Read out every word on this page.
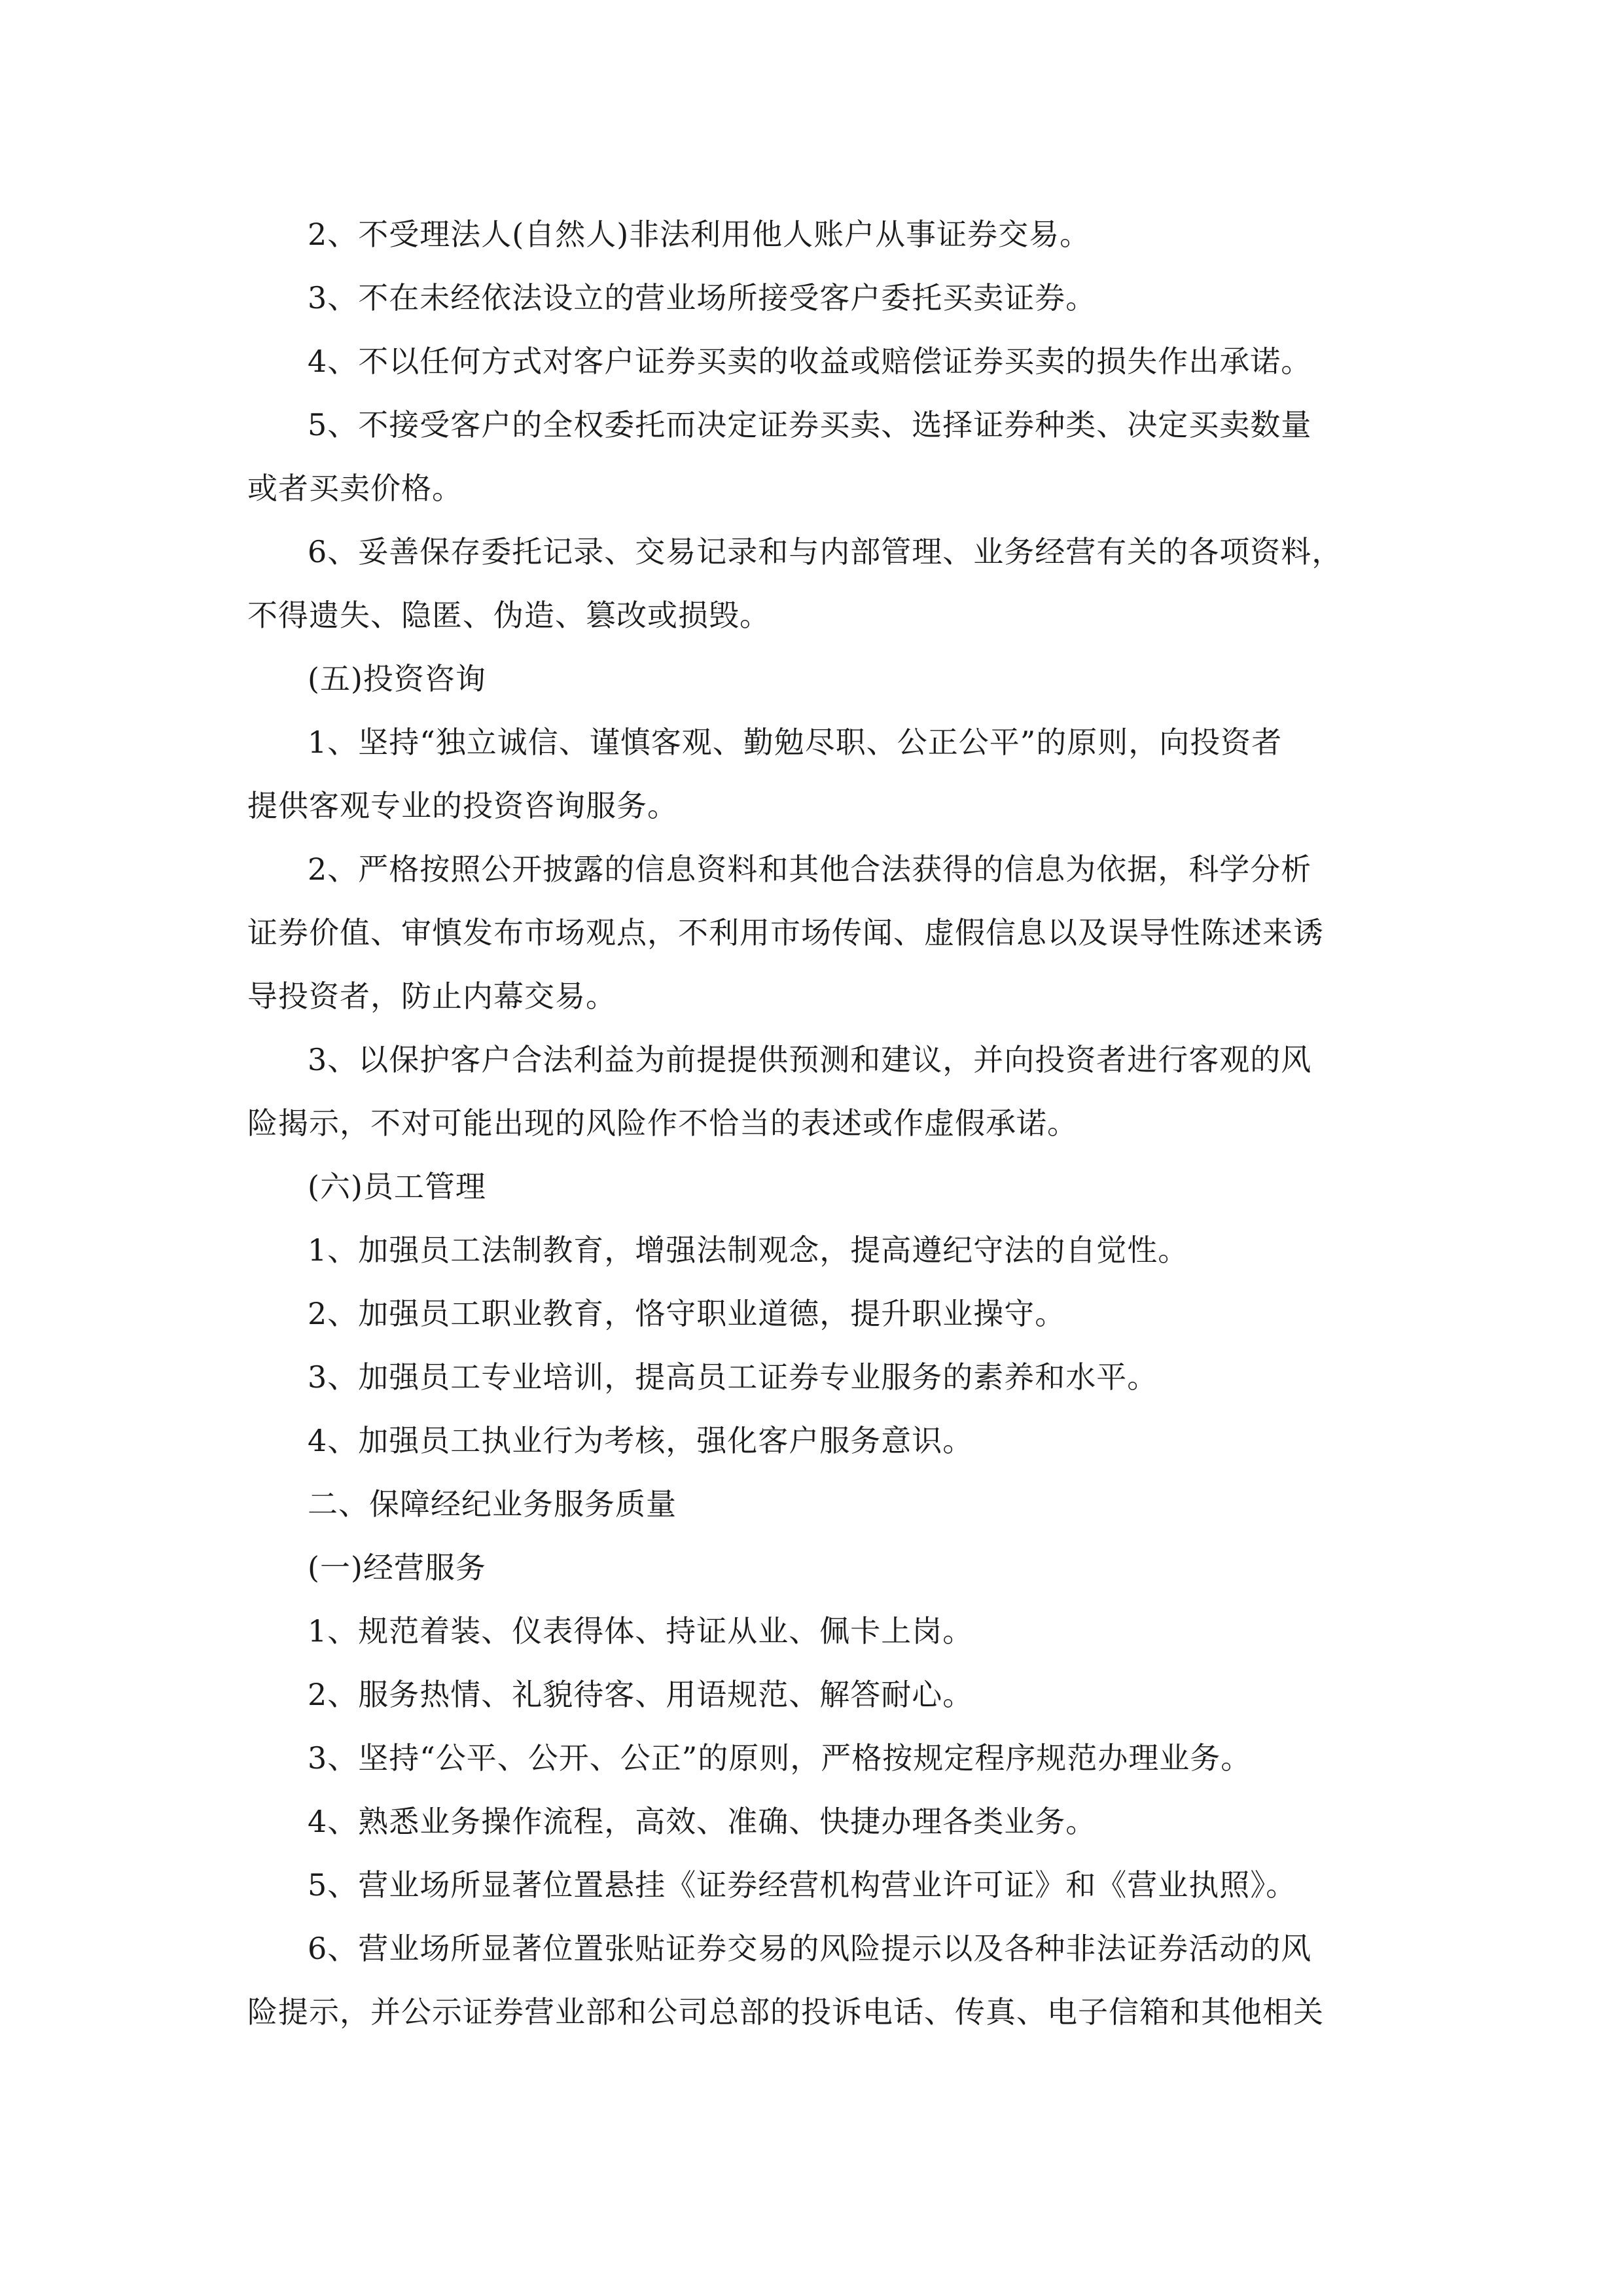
2、不受理法人(自然人)非法利用他人账户从事证券交易。
3、不在未经依法设立的营业场所接受客户委托买卖证券。
4、不以任何方式对客户证券买卖的收益或赔偿证券买卖的损失作出承诺。
5、不接受客户的全权委托而决定证券买卖、选择证券种类、决定买卖数量
或者买卖价格。
6、妥善保存委托记录、交易记录和与内部管理、业务经营有关的各项资料，
不得遗失、隐匿、伪造、篡改或损毁。
(五)投资咨询
1、坚持“独立诚信、谨慎客观、勤勉尽职、公正公平”的原则，向投资者
提供客观专业的投资咨询服务。
2、严格按照公开披露的信息资料和其他合法获得的信息为依据，科学分析
证券价值、审慎发布市场观点，不利用市场传闻、虚假信息以及误导性陈述来诱
导投资者，防止内幕交易。
3、以保护客户合法利益为前提提供预测和建议，并向投资者进行客观的风
险揭示，不对可能出现的风险作不恰当的表述或作虚假承诺。
(六)员工管理
1、加强员工法制教育，增强法制观念，提高遵纪守法的自觉性。
2、加强员工职业教育，恪守职业道德，提升职业操守。
3、加强员工专业培训，提高员工证券专业服务的素养和水平。
4、加强员工执业行为考核，强化客户服务意识。
二、保障经纪业务服务质量
(一)经营服务
1、规范着装、仪表得体、持证从业、佩卡上岗。
2、服务热情、礼貌待客、用语规范、解答耐心。
3、坚持“公平、公开、公正”的原则，严格按规定程序规范办理业务。
4、熟悉业务操作流程，高效、准确、快捷办理各类业务。
5、营业场所显著位置悬挂《证券经营机构营业许可证》和《营业执照》。
6、营业场所显著位置张贴证券交易的风险提示以及各种非法证券活动的风
险提示，并公示证券营业部和公司总部的投诉电话、传真、电子信箱和其他相关
